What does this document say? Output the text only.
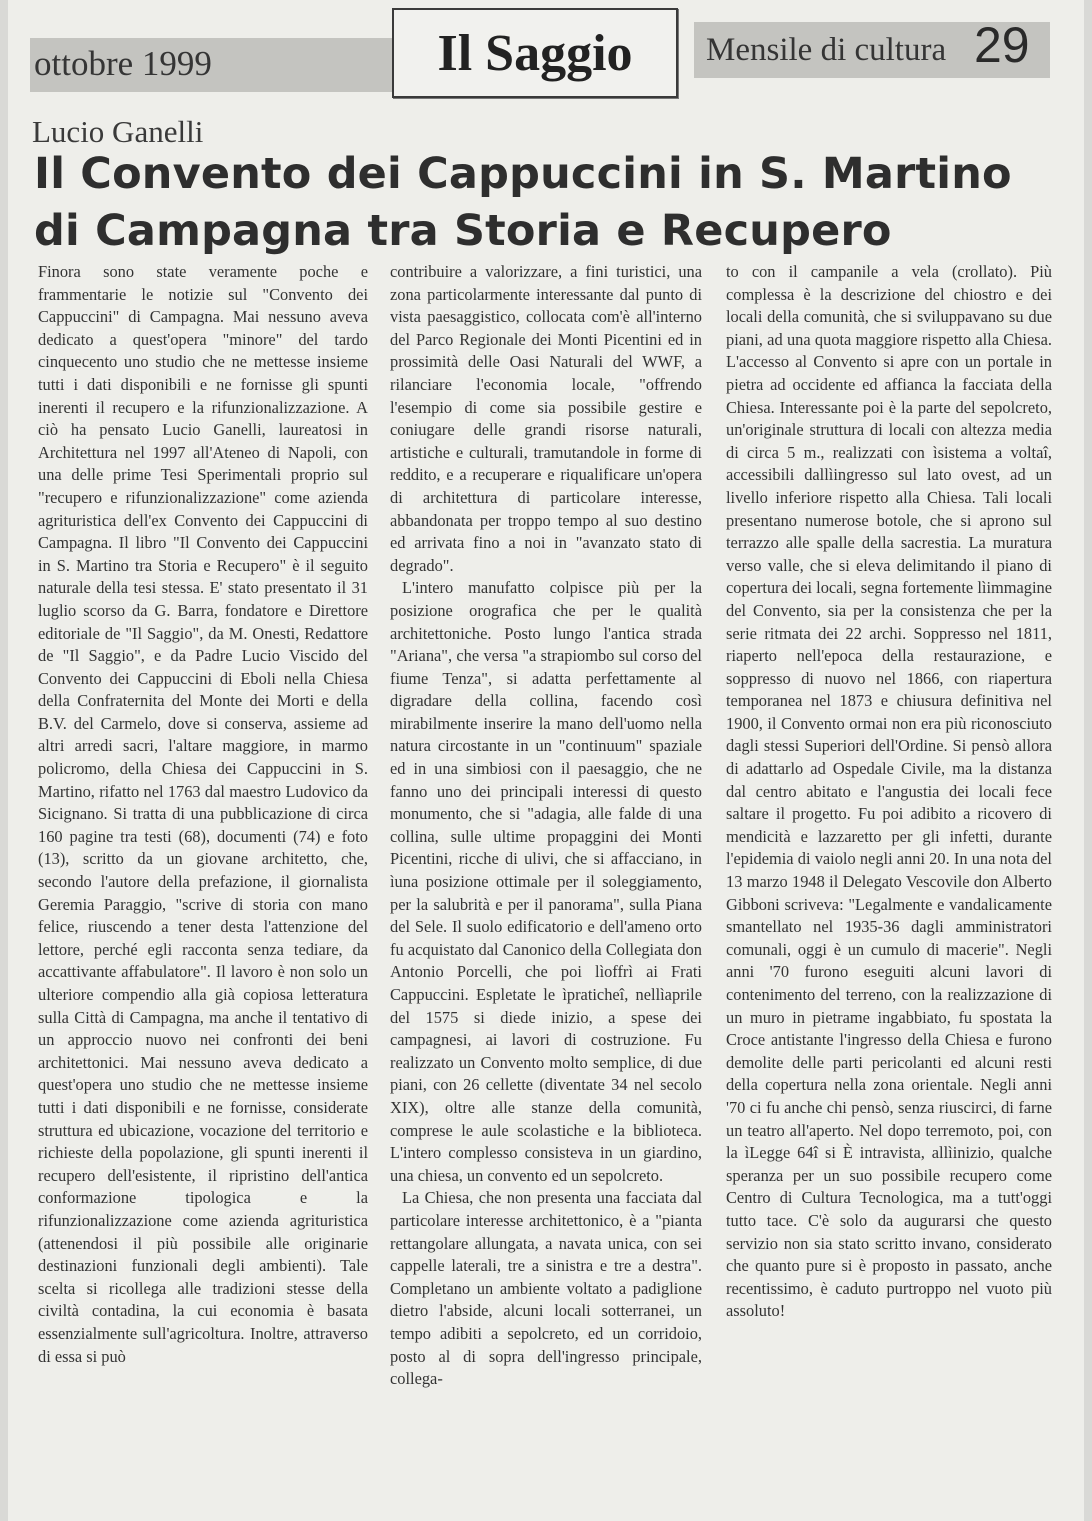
ottobre 1999	Il Saggio	Mensile di cultura 29
Lucio Ganelli
Il Convento dei Cappuccini in S. Martino di Campagna tra Storia e Recupero

Finora sono state veramente poche e frammentarie le notizie sul "Convento dei Cappuccini" di Campagna. Mai nessuno aveva dedicato a quest'opera "minore" del tardo cinquecento uno studio che ne mettesse insieme tutti i dati disponibili e ne fornisse gli spunti inerenti il recupero e la rifunzionalizzazione. A ciò ha pensato Lucio Ganelli, laureatosi in Architettura nel 1997 all'Ateneo di Napoli, con una delle prime Tesi Sperimentali proprio sul "recupero e rifunzionalizzazione" come azienda agrituristica dell'ex Convento dei Cappuccini di Campagna. Il libro "Il Convento dei Cappuccini in S. Martino tra Storia e Recupero" è il seguito naturale della tesi stessa. E' stato presentato il 31 luglio scorso da G. Barra, fondatore e Direttore editoriale de "Il Saggio", da M. Onesti, Redattore de "Il Saggio", e da Padre Lucio Viscido del Convento dei Cappuccini di Eboli nella Chiesa della Confraternita del Monte dei Morti e della B.V. del Carmelo, dove si conserva, assieme ad altri arredi sacri, l'altare maggiore, in marmo policromo, della Chiesa dei Cappuccini in S. Martino, rifatto nel 1763 dal maestro Ludovico da Sicignano. Si tratta di una pubblicazione di circa 160 pagine tra testi (68), documenti (74) e foto (13), scritto da un giovane architetto, che, secondo l'autore della prefazione, il giornalista Geremia Paraggio, "scrive di storia con mano felice, riuscendo a tener desta l'attenzione del lettore, perché egli racconta senza tediare, da accattivante affabulatore". Il lavoro è non solo un ulteriore compendio alla già copiosa letteratura sulla Città di Campagna, ma anche il tentativo di un approccio nuovo nei confronti dei beni architettonici. Mai nessuno aveva dedicato a quest'opera uno studio che ne mettesse insieme tutti i dati disponibili e ne fornisse, considerate struttura ed ubicazione, vocazione del territorio e richieste della popolazione, gli spunti inerenti il recupero dell'esistente, il ripristino dell'antica conformazione tipologica e la rifunzionalizzazione come azienda agrituristica (attenendosi il più possibile alle originarie destinazioni funzionali degli ambienti). Tale scelta si ricollega alle tradizioni stesse della civiltà contadina, la cui economia è basata essenzialmente sull'agricoltura. Inoltre, attraverso di essa si può

contribuire a valorizzare, a fini turistici, una zona particolarmente interessante dal punto di vista paesaggistico, collocata com'è all'interno del Parco Regionale dei Monti Picentini ed in prossimità delle Oasi Naturali del WWF, a rilanciare l'economia locale, "offrendo l'esempio di come sia possibile gestire e coniugare delle grandi risorse naturali, artistiche e culturali, tramutandole in forme di reddito, e a recuperare e riqualificare un'opera di architettura di particolare interesse, abbandonata per troppo tempo al suo destino ed arrivata fino a noi in "avanzato stato di degrado".

L'intero manufatto colpisce più per la posizione orografica che per le qualità architettoniche. Posto lungo l'antica strada "Ariana", che versa "a strapiombo sul corso del fiume Tenza", si adatta perfettamente al digradare della collina, facendo così mirabilmente inserire la mano dell'uomo nella natura circostante in un "continuum" spaziale ed in una simbiosi con il paesaggio, che ne fanno uno dei principali interessi di questo monumento, che si "adagia, alle falde di una collina, sulle ultime propaggini dei Monti Picentini, ricche di ulivi, che si affacciano, in ìuna posizione ottimale per il soleggiamento, per la salubrità e per il panorama", sulla Piana del Sele. Il suolo edificatorio e dell'ameno orto fu acquistato dal Canonico della Collegiata don Antonio Porcelli, che poi lìoffrì ai Frati Cappuccini. Espletate le ìpraticheî, nellìaprile del 1575 si diede inizio, a spese dei campagnesi, ai lavori di costruzione. Fu realizzato un Convento molto semplice, di due piani, con 26 cellette (diventate 34 nel secolo XIX), oltre alle stanze della comunità, comprese le aule scolastiche e la biblioteca. L'intero complesso consisteva in un giardino, una chiesa, un convento ed un sepolcreto.

La Chiesa, che non presenta una facciata dal particolare interesse architettonico, è a "pianta rettangolare allungata, a navata unica, con sei cappelle laterali, tre a sinistra e tre a destra". Completano un ambiente voltato a padiglione dietro l'abside, alcuni locali sotterranei, un tempo adibiti a sepolcreto, ed un corridoio, posto al di sopra dell'ingresso principale, collega-

to con il campanile a vela (crollato). Più complessa è la descrizione del chiostro e dei locali della comunità, che si sviluppavano su due piani, ad una quota maggiore rispetto alla Chiesa. L'accesso al Convento si apre con un portale in pietra ad occidente ed affianca la facciata della Chiesa. Interessante poi è la parte del sepolcreto, un'originale struttura di locali con altezza media di circa 5 m., realizzati con ìsistema a voltaî, accessibili dallìingresso sul lato ovest, ad un livello inferiore rispetto alla Chiesa. Tali locali presentano numerose botole, che si aprono sul terrazzo alle spalle della sacrestia. La muratura verso valle, che si eleva delimitando il piano di copertura dei locali, segna fortemente lìimmagine del Convento, sia per la consistenza che per la serie ritmata dei 22 archi. Soppresso nel 1811, riaperto nell'epoca della restaurazione, e soppresso di nuovo nel 1866, con riapertura temporanea nel 1873 e chiusura definitiva nel 1900, il Convento ormai non era più riconosciuto dagli stessi Superiori dell'Ordine. Si pensò allora di adattarlo ad Ospedale Civile, ma la distanza dal centro abitato e l'angustia dei locali fece saltare il progetto. Fu poi adibito a ricovero di mendicità e lazzaretto per gli infetti, durante l'epidemia di vaiolo negli anni 20. In una nota del 13 marzo 1948 il Delegato Vescovile don Alberto Gibboni scriveva: "Legalmente e vandalicamente smantellato nel 1935-36 dagli amministratori comunali, oggi è un cumulo di macerie". Negli anni '70 furono eseguiti alcuni lavori di contenimento del terreno, con la realizzazione di un muro in pietrame ingabbiato, fu spostata la Croce antistante l'ingresso della Chiesa e furono demolite delle parti pericolanti ed alcuni resti della copertura nella zona orientale. Negli anni '70 ci fu anche chi pensò, senza riuscirci, di farne un teatro all'aperto. Nel dopo terremoto, poi, con la ìLegge 64î si È intravista, allìinizio, qualche speranza per un suo possibile recupero come Centro di Cultura Tecnologica, ma a tutt'oggi tutto tace. C'è solo da augurarsi che questo servizio non sia stato scritto invano, considerato che quanto pure si è proposto in passato, anche recentissimo, è caduto purtroppo nel vuoto più assoluto!
